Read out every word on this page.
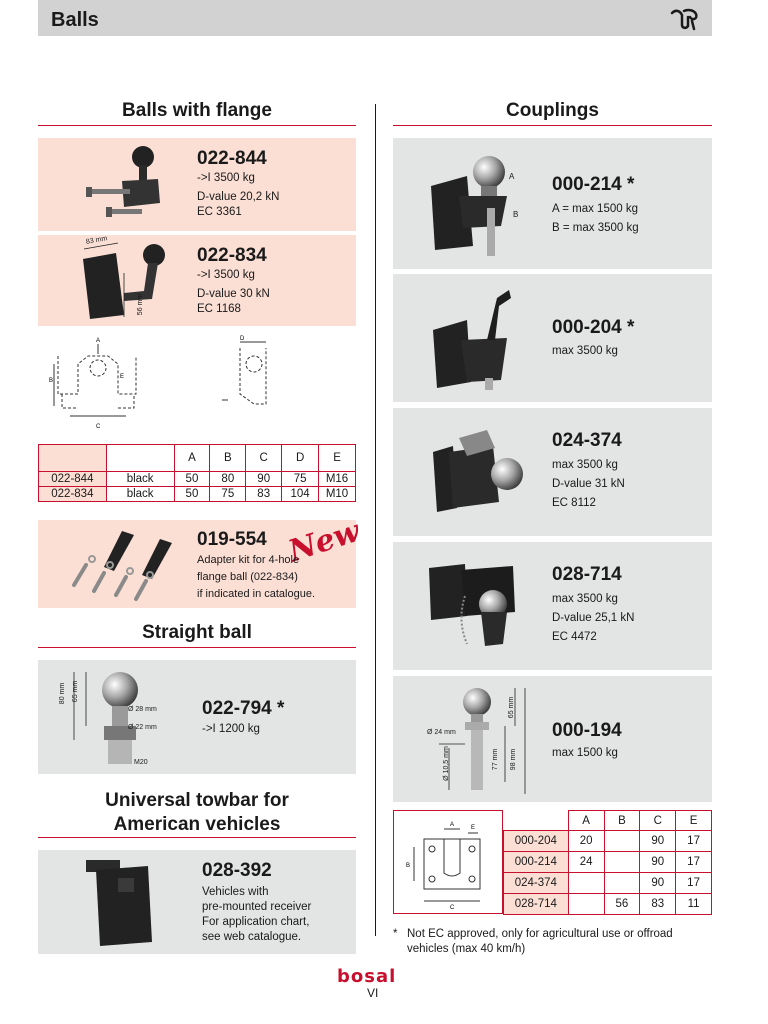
Balls
Balls with flange	Couplings
022-844
->I 3500 kg
D-value 20,2 kN
EC 3361
83 mm
56 mm
022-834
->I 3500 kg
D-value 30 kN
EC 1168
A
B
C
E
D
		A	B	C	D	E
022-844	black	50	80	90	75	M16
022-834	black	50	75	83	104	M10
019-554 New
Adapter kit for 4-hole
flange ball (022-834)
if indicated in catalogue.
Straight ball
80 mm 65 mm
Ø 28 mm
Ø 22 mm
M20
022-794 *
->I 1200 kg
Universal towbar for
American vehicles
028-392
Vehicles with
pre-mounted receiver
For application chart,
see web catalogue.
A
B
000-214 *
A = max 1500 kg
B = max 3500 kg
000-204 *
max 3500 kg
024-374
max 3500 kg
D-value 31 kN
EC 8112
028-714
max 3500 kg
D-value 25,1 kN
EC 4472
65 mm
Ø 24 mm
Ø 10,5 mm	77 mm 98 mm
000-194
max 1500 kg
A	E
B
C
	A	B	C	E
000-204	20		90	17
000-214	24		90	17
024-374			90	17
028-714		56	83	11
* Not EC approved, only for agricultural use or offroad
vehicles (max 40 km/h)
bosal
VI
